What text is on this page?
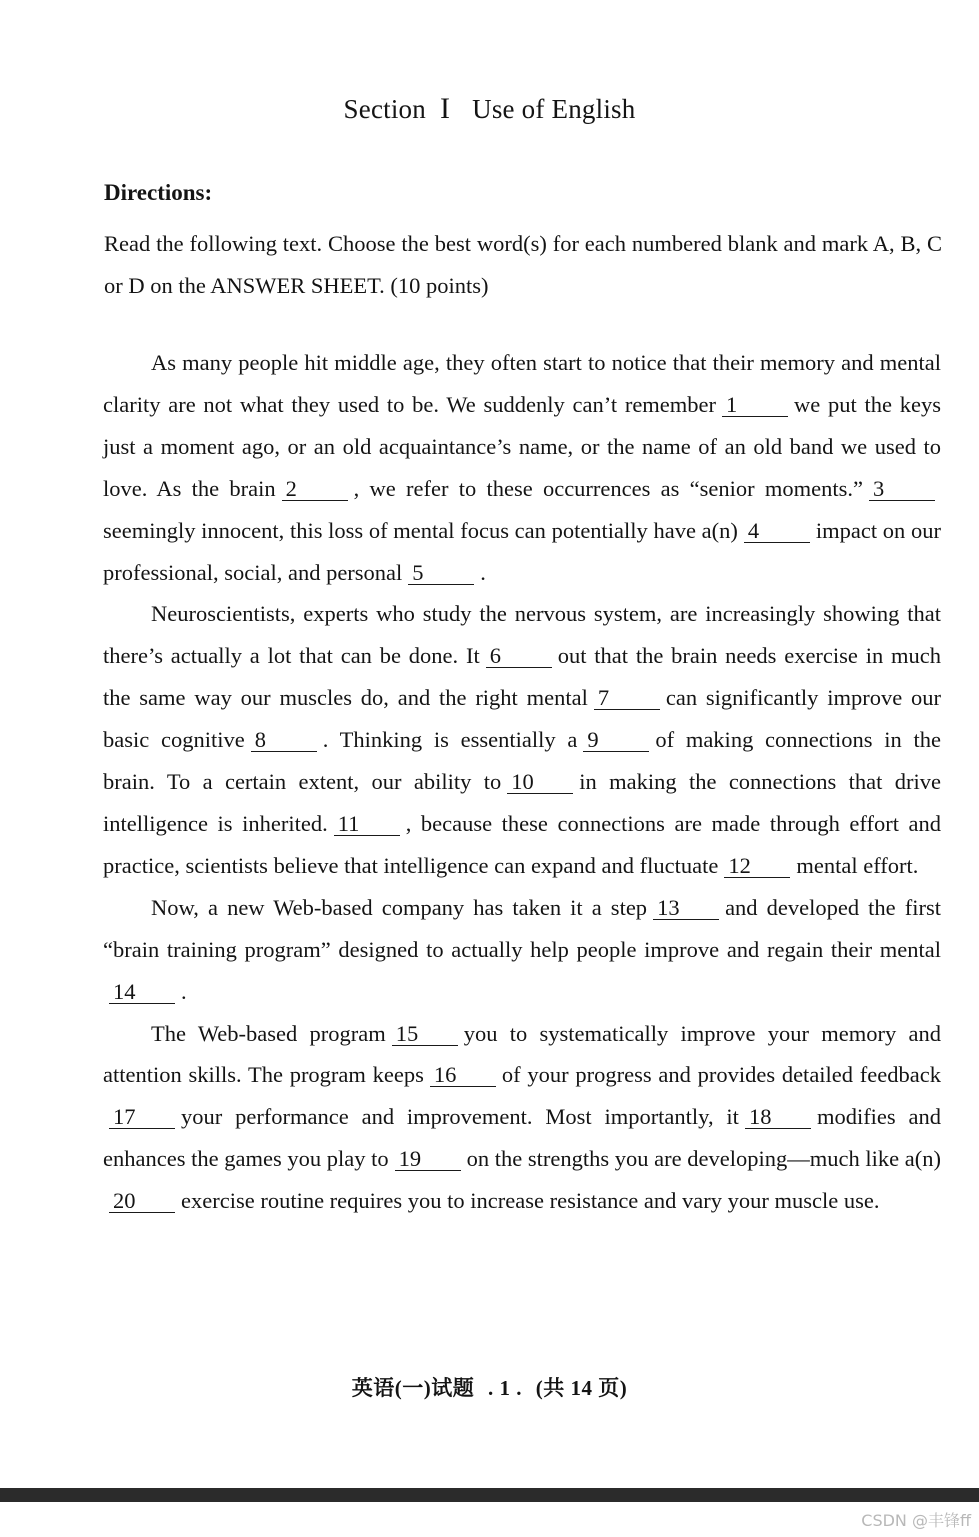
Section I Use of English
Directions:
Read the following text. Choose the best word(s) for each numbered blank and mark A, B, C or D on the ANSWER SHEET. (10 points)

As many people hit middle age, they often start to notice that their memory and mental clarity are not what they used to be. We suddenly can’t remember 1	we put the keys just a moment ago, or an old acquaintance’s name, or the name of an old band we used to love. As the brain 2	, we refer to these occurrences as “senior moments.” 3seemingly innocent, this loss of mental focus can potentially have a(n) 4	impact on our professional, social, and personal 5	.

Neuroscientists, experts who study the nervous system, are increasingly showing that there’s actually a lot that can be done. It 6	out that the brain needs exercise in much the same way our muscles do, and the right mental 7	can significantly improve our basic cognitive 8	. Thinking is essentially a 9	of making connections in the brain. To a certain extent, our ability to 10 in making the connections that drive intelligence is inherited. 11 , because these connections are made through effort and practice, scientists believe that intelligence can expand and fluctuate 12 mental effort.

Now, a new Web-based company has taken it a step 13 and developed the first “brain training program” designed to actually help people improve and regain their mental14 .

The Web-based program 15 you to systematically improve your memory and attention skills. The program keeps 16 of your progress and provides detailed feedback17 your performance and improvement. Most importantly, it 18 modifies and enhances the games you play to 19 on the strengths you are developing—much like a(n)20 exercise routine requires you to increase resistance and vary your muscle use.

英语(一)试题 . 1 . (共 14 页)
CSDN @丰锋ff
